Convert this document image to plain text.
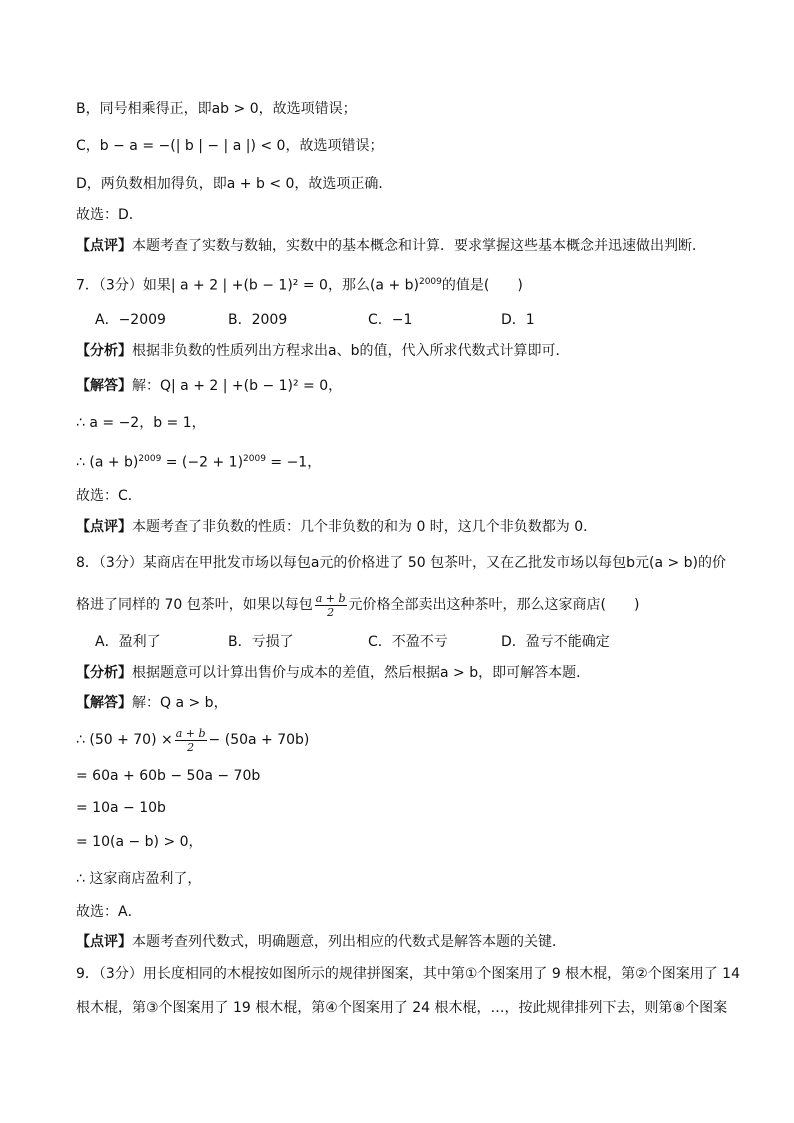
B，同号相乘得正，即ab > 0，故选项错误；
C，b − a = −(| b | − | a |) < 0，故选项错误；
D，两负数相加得负，即a + b < 0，故选项正确．
故选：D．
【点评】本题考查了实数与数轴，实数中的基本概念和计算．要求掌握这些基本概念并迅速做出判断．
7．（3分）如果| a + 2 | +(b − 1)² = 0，那么$(a + b)^{2009}$的值是(　　)
A．−2009	B．2009	C．−1	D．1
【分析】根据非负数的性质列出方程求出a、b的值，代入所求代数式计算即可．
【解答】解：Q| a + 2 | +(b − 1)² = 0，
∴ a = −2，b = 1，
∴ $(a + b)^{2009} = (-2 + 1)^{2009} = -1$，
故选：C．
【点评】本题考查了非负数的性质：几个非负数的和为 0 时，这几个非负数都为 0．
8．（3分）某商店在甲批发市场以每包a元的价格进了 50 包茶叶，又在乙批发市场以每包b元(a > b)的价
格进了同样的 70 包茶叶，如果以每包 $\frac{a + b}{2}$ 元价格全部卖出这种茶叶，那么这家商店(　　)
A．盈利了	B．亏损了	C．不盈不亏	D．盈亏不能确定
【分析】根据题意可以计算出售价与成本的差值，然后根据a > b，即可解答本题．
【解答】解：Q a > b，
∴ $(50 + 70) \times \frac{a + b}{2} - (50a + 70b)$
= 60a + 60b − 50a − 70b
= 10a − 10b
= 10(a − b) > 0，
∴ 这家商店盈利了，
故选：A．
【点评】本题考查列代数式，明确题意，列出相应的代数式是解答本题的关键．
9．（3分）用长度相同的木棍按如图所示的规律拼图案，其中第①个图案用了 9 根木棍，第②个图案用了 14
根木棍，第③个图案用了 19 根木棍，第④个图案用了 24 根木棍，…，按此规律排列下去，则第⑧个图案
